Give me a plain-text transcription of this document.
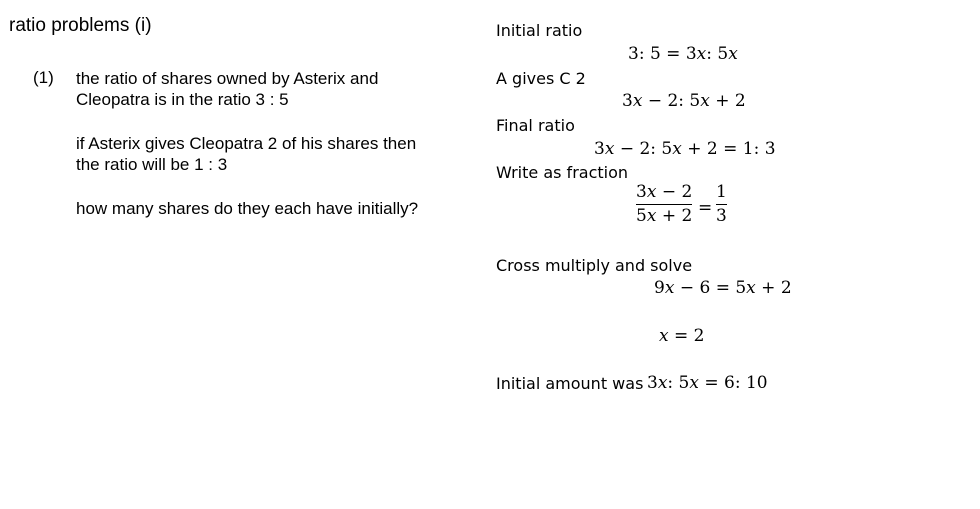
ratio problems (i)
(1) the ratio of shares owned by Asterix and Cleopatra is in the ratio 3 : 5
if Asterix gives Cleopatra 2 of his shares then the ratio will be 1 : 3
how many shares do they each have initially?
Initial ratio
3: 5 = 3x: 5x
A gives C 2
3x − 2: 5x + 2
Final ratio
3x − 2: 5x + 2 = 1: 3
Write as fraction
3x − 2
5x + 2 =
1
3
Cross multiply and solve
9x − 6 = 5x + 2
x = 2
Initial amount was 3x: 5x = 6: 10
